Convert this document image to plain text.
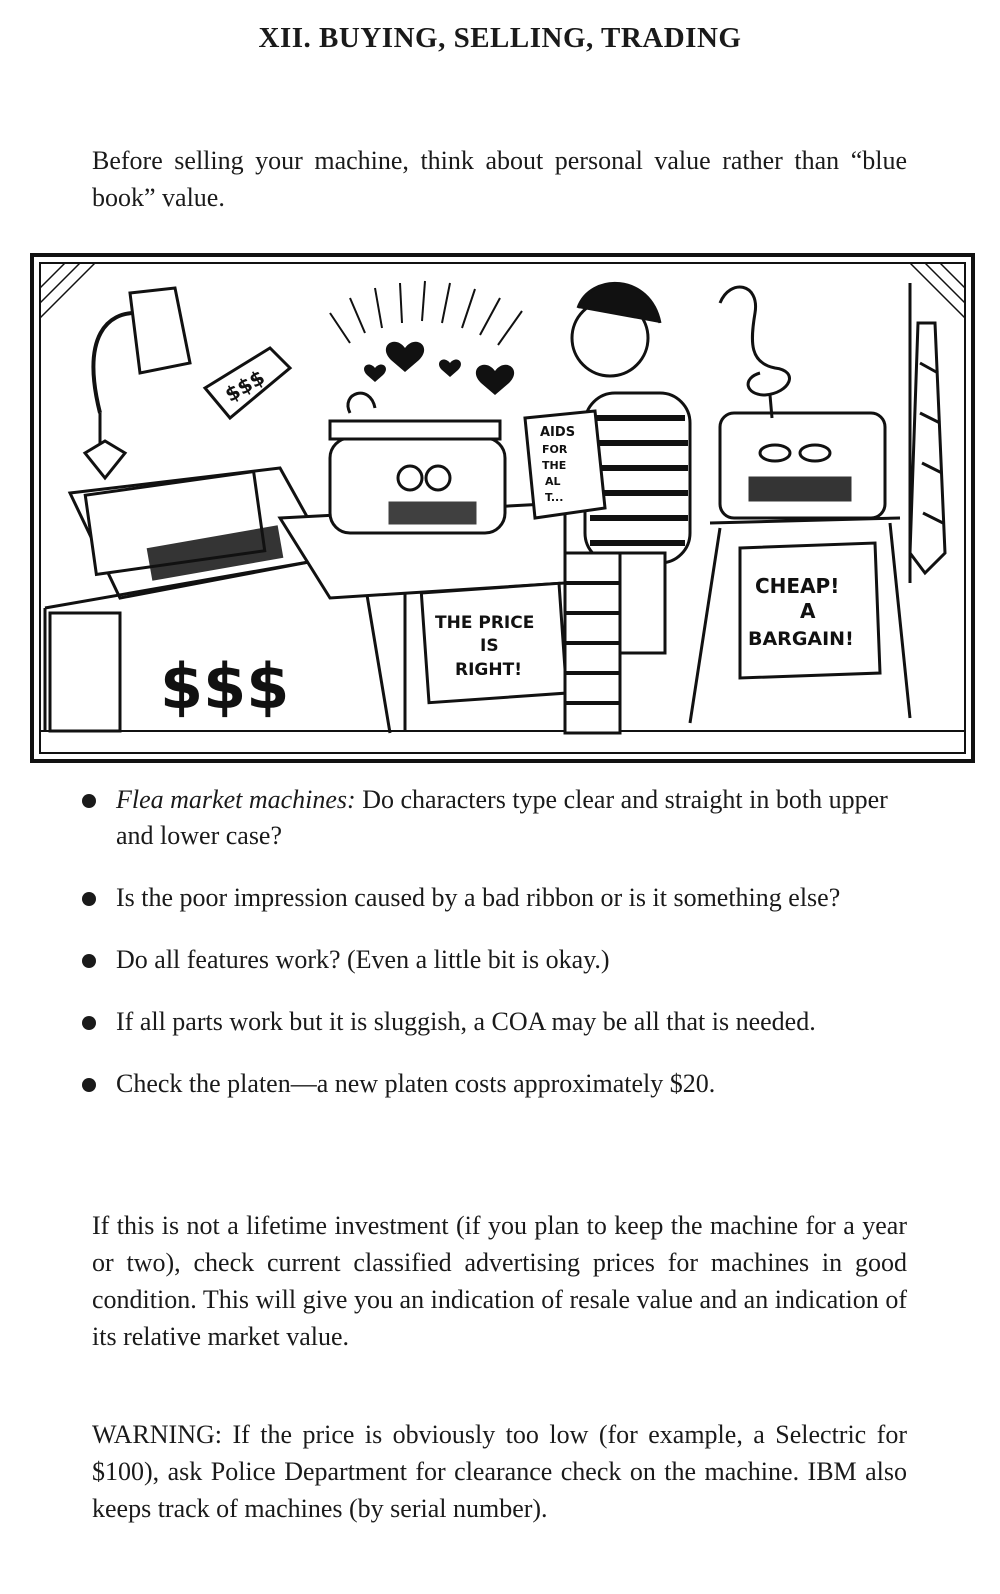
XII. BUYING, SELLING, TRADING
Before selling your machine, think about personal value rather than “blue book” value.
$$$
$$$
THE PRICE
IS
RIGHT!
AIDS
FOR
THE
AL
T...
CHEAP!
A
BARGAIN!
Flea market machines: Do characters type clear and straight in both upper and lower case?
Is the poor impression caused by a bad ribbon or is it something else?
Do all features work? (Even a little bit is okay.)
If all parts work but it is sluggish, a COA may be all that is needed.
Check the platen—a new platen costs approximately $20.
If this is not a lifetime investment (if you plan to keep the machine for a year or two), check current classified advertising prices for machines in good condition. This will give you an indication of resale value and an indication of its relative market value.
WARNING: If the price is obviously too low (for example, a Selectric for $100), ask Police Department for clearance check on the machine. IBM also keeps track of machines (by serial number).
